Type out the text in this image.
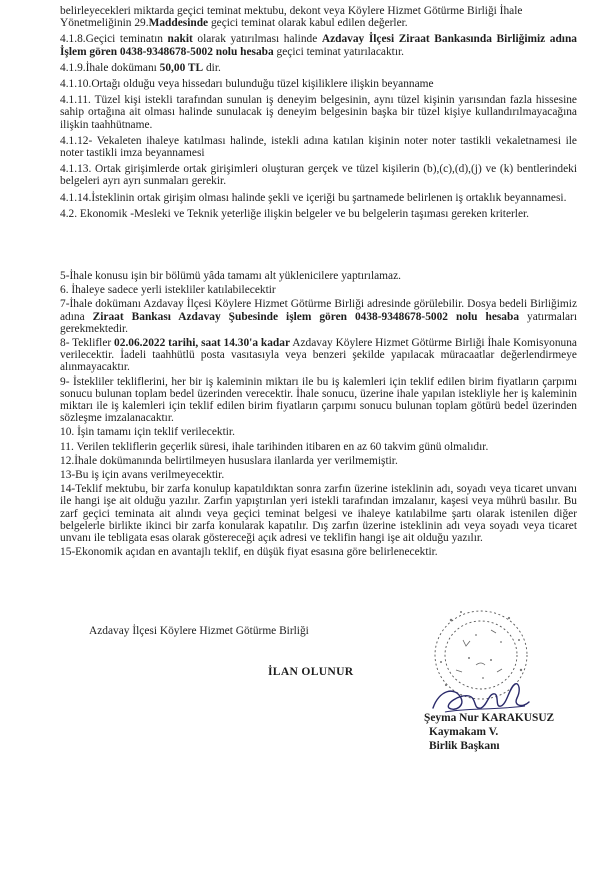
belirleyecekleri miktarda geçici teminat mektubu, dekont veya Köylere Hizmet Götürme Birliği İhale
Yönetmeliğinin 29.Maddesinde geçici teminat olarak kabul edilen değerler.
4.1.8.Geçici teminatın nakit olarak yatırılması halinde Azdavay İlçesi Ziraat Bankasında Birliğimiz adına İşlem gören 0438-9348678-5002 nolu hesaba geçici teminat yatırılacaktır.
4.1.9.İhale dokümanı 50,00 TL dir.
4.1.10.Ortağı olduğu veya hissedarı bulunduğu tüzel kişiliklere ilişkin beyanname
4.1.11. Tüzel kişi istekli tarafından sunulan iş deneyim belgesinin, aynı tüzel kişinin yarısından fazla hissesine sahip ortağına ait olması halinde sunulacak iş deneyim belgesinin başka bir tüzel kişiye kullandırılmayacağına ilişkin taahhütname.
4.1.12- Vekaleten ihaleye katılması halinde, istekli adına katılan kişinin noter noter tastikli vekaletnamesi ile noter tastikli imza beyannamesi
4.1.13. Ortak girişimlerde ortak girişimleri oluşturan gerçek ve tüzel kişilerin (b),(c),(d),(j) ve (k) bentlerindeki belgeleri ayrı ayrı sunmaları gerekir.
4.1.14.İsteklinin ortak girişim olması halinde şekli ve içeriği bu şartnamede belirlenen iş ortaklık beyannamesi.
4.2. Ekonomik -Mesleki ve Teknik yeterliğe ilişkin belgeler ve bu belgelerin taşıması gereken kriterler.
5-İhale konusu işin bir bölümü yâda tamamı alt yüklenicilere yaptırılamaz.
6. İhaleye sadece yerli istekliler katılabilecektir
7-İhale dokümanı Azdavay İlçesi Köylere Hizmet Götürme Birliği adresinde görülebilir. Dosya bedeli Birliğimiz adına Ziraat Bankası Azdavay Şubesinde işlem gören 0438-9348678-5002 nolu hesaba yatırmaları gerekmektedir.
8- Teklifler 02.06.2022 tarihi, saat 14.30'a kadar Azdavay Köylere Hizmet Götürme Birliği İhale Komisyonuna verilecektir. İadeli taahhütlü posta vasıtasıyla veya benzeri şekilde yapılacak müracaatlar değerlendirmeye alınmayacaktır.
9- İstekliler tekliflerini, her bir iş kaleminin miktarı ile bu iş kalemleri için teklif edilen birim fiyatların çarpımı sonucu bulunan toplam bedel üzerinden verecektir. İhale sonucu, üzerine ihale yapılan istekliyle her iş kaleminin miktarı ile iş kalemleri için teklif edilen birim fiyatların çarpımı sonucu bulunan toplam götürü bedel üzerinden sözleşme imzalanacaktır.
10. İşin tamamı için teklif verilecektir.
11. Verilen tekliflerin geçerlik süresi, ihale tarihinden itibaren en az 60 takvim günü olmalıdır.
12.İhale dokümanında belirtilmeyen hususlara ilanlarda yer verilmemiştir.
13-Bu iş için avans verilmeyecektir.
14-Teklif mektubu, bir zarfa konulup kapatıldıktan sonra zarfın üzerine isteklinin adı, soyadı veya ticaret unvanı ile hangi işe ait olduğu yazılır. Zarfın yapıştırılan yeri istekli tarafından imzalanır, kaşesi veya mührü basılır. Bu zarf geçici teminata ait alındı veya geçici teminat belgesi ve ihaleye katılabilme şartı olarak istenilen diğer belgelerle birlikte ikinci bir zarfa konularak kapatılır. Dış zarfın üzerine isteklinin adı veya soyadı veya ticaret unvanı ile tebligata esas olarak göstereceği açık adresi ve teklifin hangi işe ait olduğu yazılır.
15-Ekonomik açıdan en avantajlı teklif, en düşük fiyat esasına göre belirlenecektir.
Azdavay İlçesi Köylere Hizmet Götürme Birliği
İLAN OLUNUR
Şeyma Nur KARAKUSUZ
Kaymakam V.
Birlik Başkanı
